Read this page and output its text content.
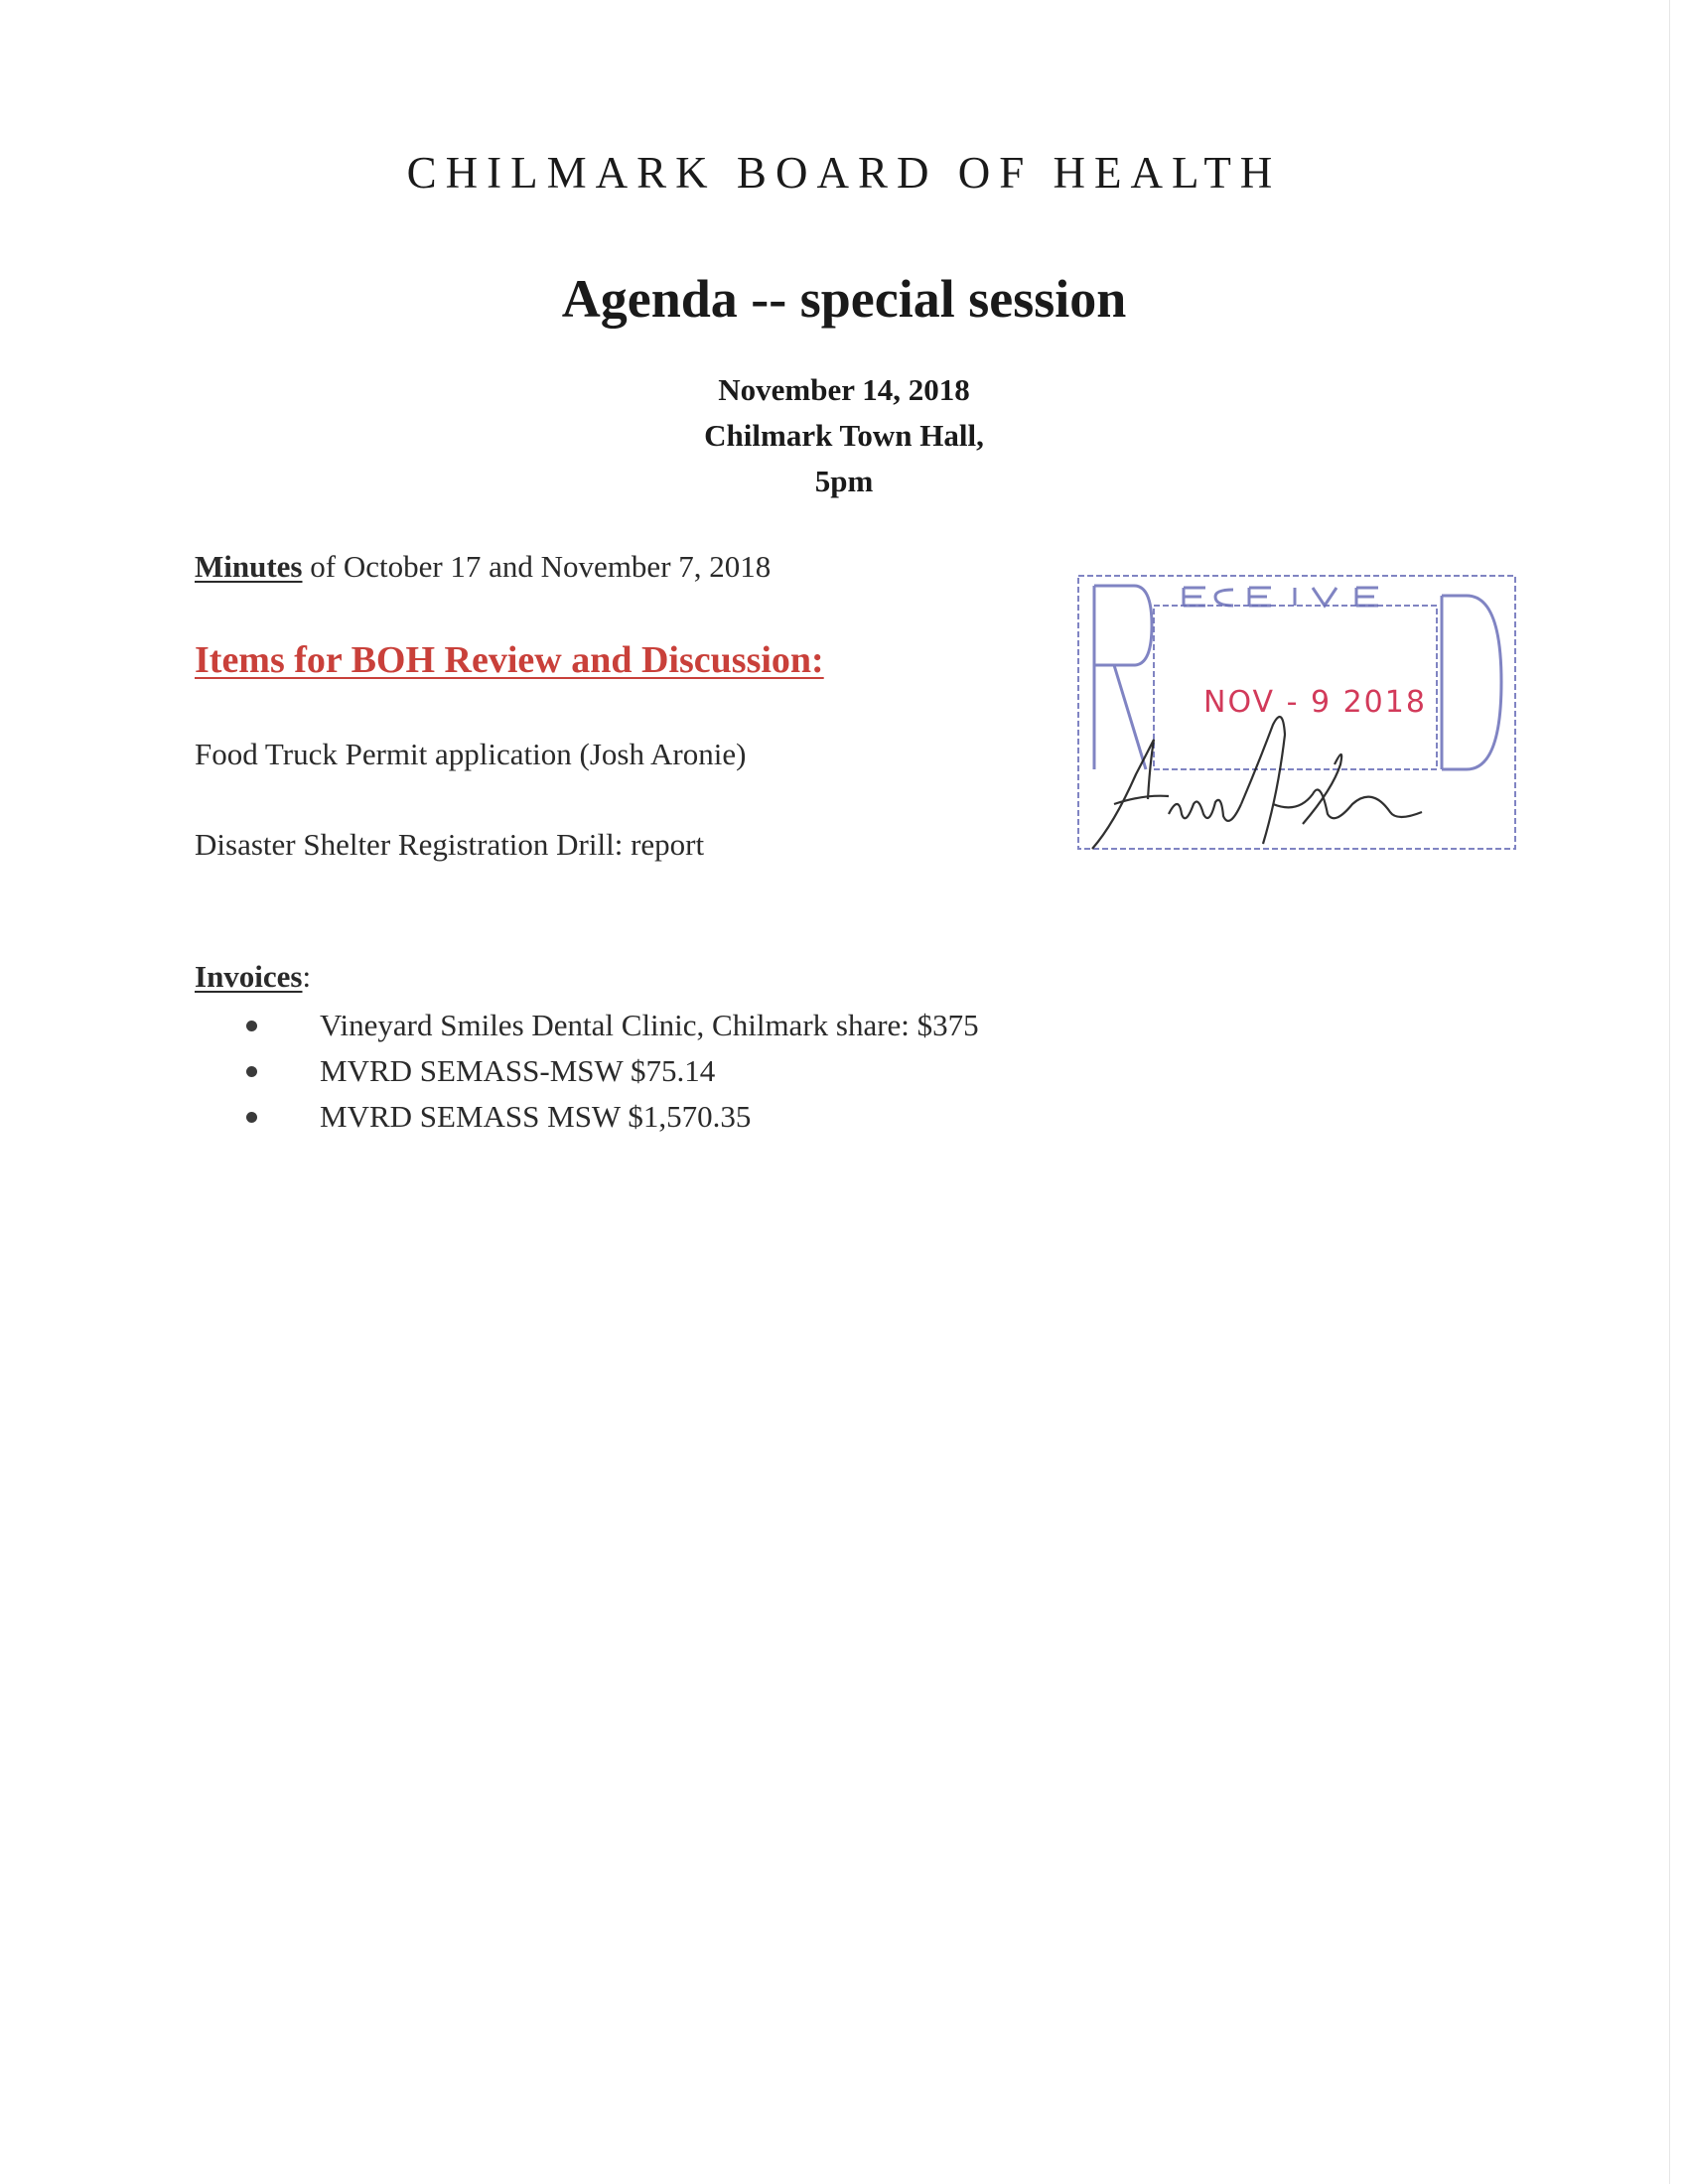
CHILMARK BOARD OF HEALTH
Agenda -- special session
November 14, 2018
Chilmark Town Hall,
5pm
Minutes of October 17 and November 7, 2018
Items for BOH Review and Discussion:
Food Truck Permit application (Josh Aronie)
Disaster Shelter Registration Drill: report
Invoices:
Vineyard Smiles Dental Clinic, Chilmark share: $375
MVRD SEMASS-MSW $75.14
MVRD SEMASS MSW $1,570.35
NOV - 9 2018
